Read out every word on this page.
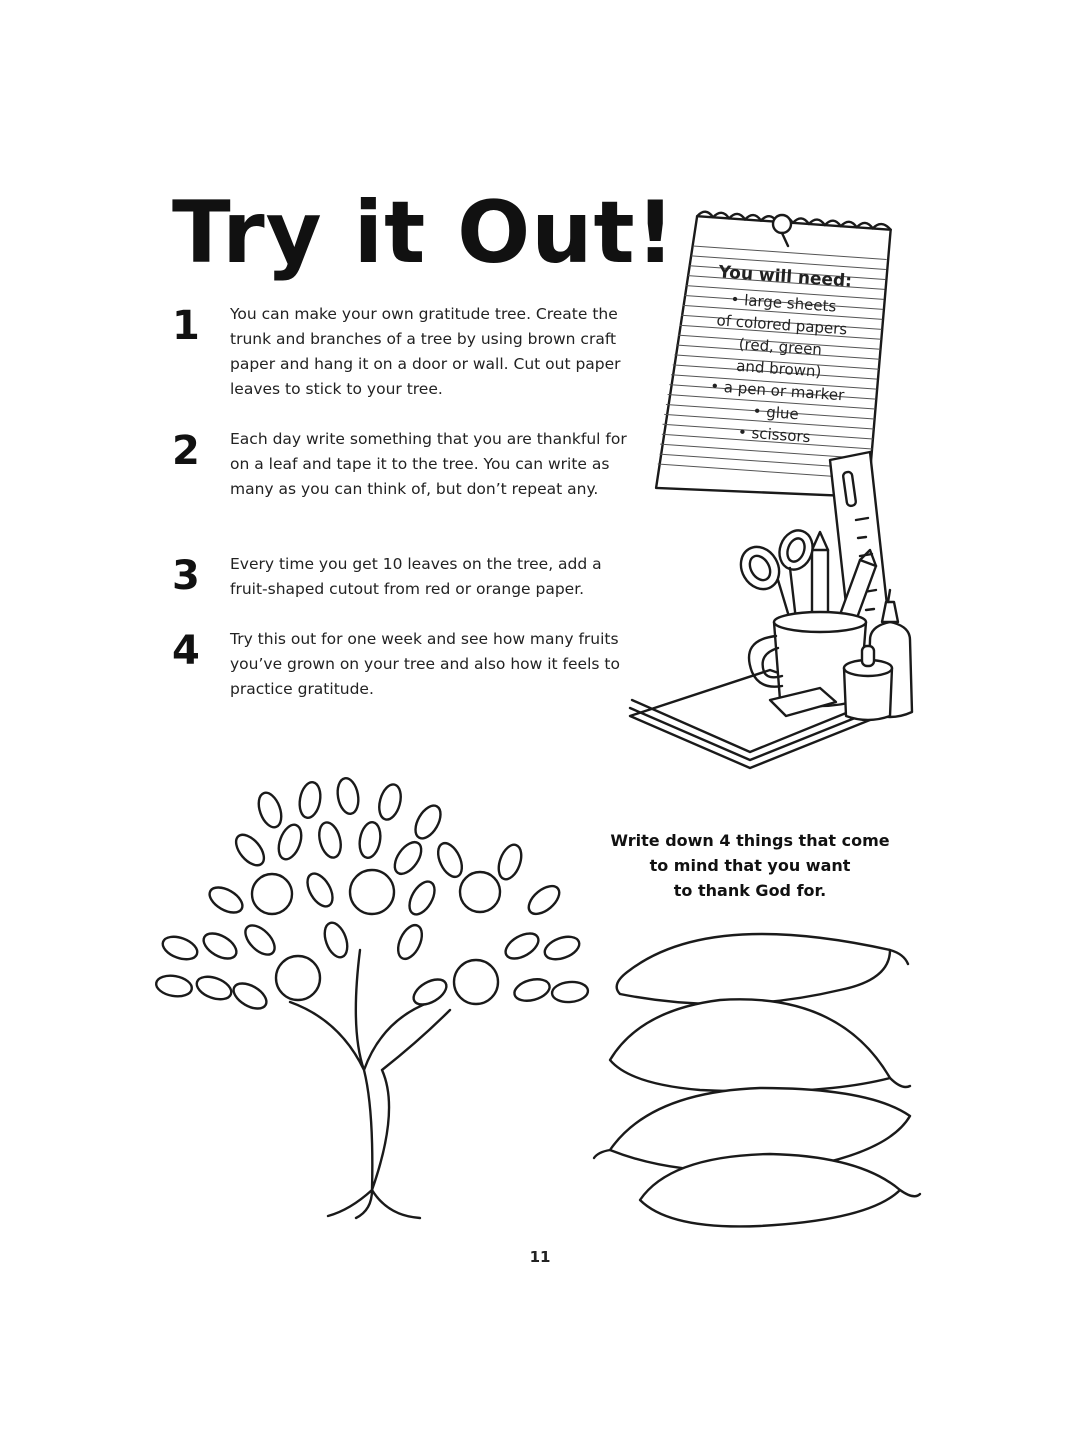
Try it Out!
1 You can make your own gratitude tree. Create the trunk and branches of a tree by using brown craft paper and hang it on a door or wall. Cut out paper leaves to stick to your tree.
2 Each day write something that you are thankful for on a leaf and tape it to the tree. You can write as many as you can think of, but don’t repeat any.
3 Every time you get 10 leaves on the tree, add a fruit-shaped cutout from red or orange paper.
4 Try this out for one week and see how many fruits you’ve grown on your tree and also how it feels to practice gratitude.
You will need:
• large sheets
of colored papers
(red, green
and brown)
• a pen or marker
• glue
• scissors
Write down 4 things that come
to mind that you want
to thank God for.
11
